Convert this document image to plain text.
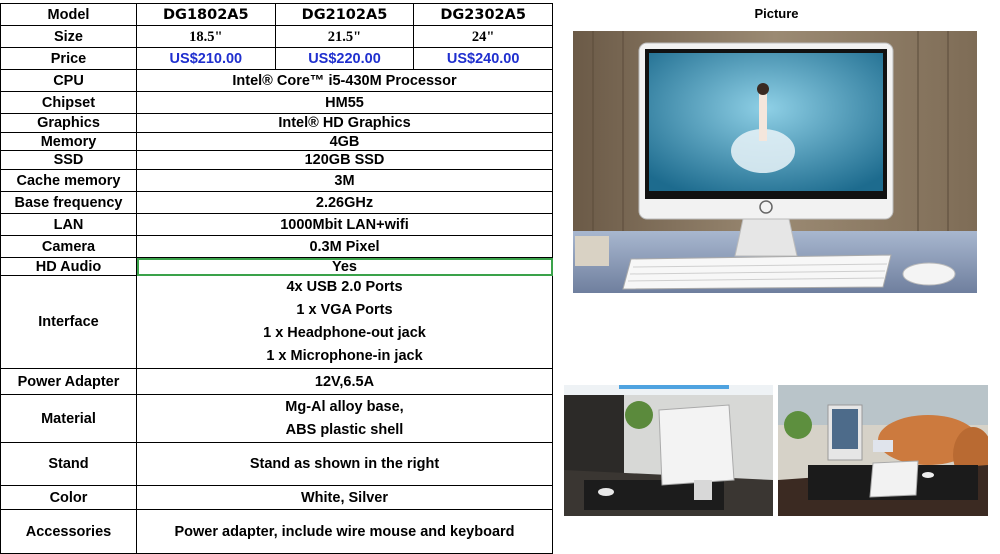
Model	DG1802A5	DG2102A5	DG2302A5
Size	18.5"	21.5"	24"
Price	US$210.00	US$220.00	US$240.00
CPU	Intel® Core™ i5-430M Processor		
Chipset	HM55		
Graphics	Intel® HD Graphics		
Memory	4GB		
SSD	120GB SSD		
Cache memory	3M		
Base frequency	2.26GHz		
LAN	1000Mbit LAN+wifi		
Camera	0.3M Pixel		
HD Audio	Yes		
Interface	4x USB 2.0 Ports
1 x VGA Ports
1 x Headphone-out jack
1 x Microphone-in jack		

Power Adapter	12V,6.5A		
Material	Mg-Al alloy base,
ABS plastic shell		

Stand	Stand as shown in the right		
Color	White, Silver		
Accessories	Power adapter, include wire mouse and keyboard		
Picture
